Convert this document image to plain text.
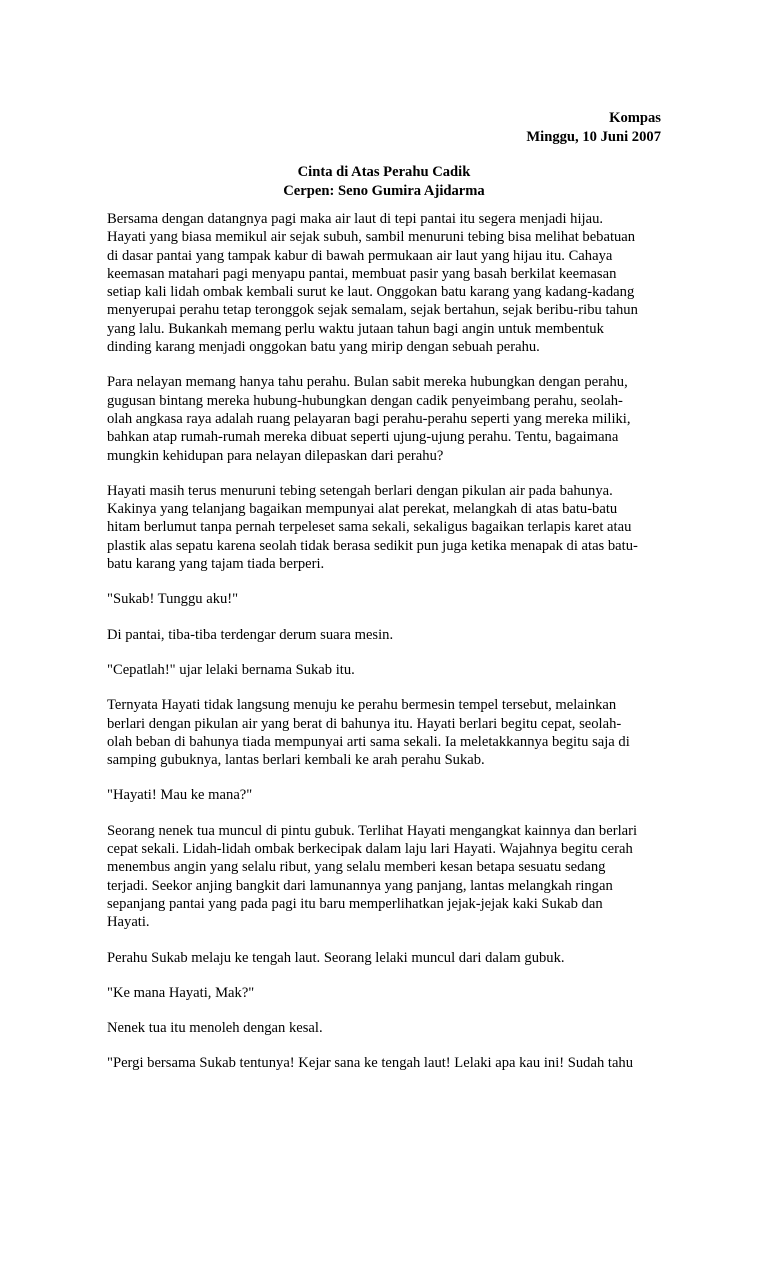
Kompas
Minggu, 10 Juni 2007
Cinta di Atas Perahu Cadik
Cerpen: Seno Gumira Ajidarma

Bersama dengan datangnya pagi maka air laut di tepi pantai itu segera menjadi hijau.
Hayati yang biasa memikul air sejak subuh, sambil menuruni tebing bisa melihat bebatuan
di dasar pantai yang tampak kabur di bawah permukaan air laut yang hijau itu. Cahaya
keemasan matahari pagi menyapu pantai, membuat pasir yang basah berkilat keemasan
setiap kali lidah ombak kembali surut ke laut. Onggokan batu karang yang kadang-kadang
menyerupai perahu tetap teronggok sejak semalam, sejak bertahun, sejak beribu-ribu tahun
yang lalu. Bukankah memang perlu waktu jutaan tahun bagi angin untuk membentuk
dinding karang menjadi onggokan batu yang mirip dengan sebuah perahu.

Para nelayan memang hanya tahu perahu. Bulan sabit mereka hubungkan dengan perahu,
gugusan bintang mereka hubung-hubungkan dengan cadik penyeimbang perahu, seolah-
olah angkasa raya adalah ruang pelayaran bagi perahu-perahu seperti yang mereka miliki,
bahkan atap rumah-rumah mereka dibuat seperti ujung-ujung perahu. Tentu, bagaimana
mungkin kehidupan para nelayan dilepaskan dari perahu?

Hayati masih terus menuruni tebing setengah berlari dengan pikulan air pada bahunya.
Kakinya yang telanjang bagaikan mempunyai alat perekat, melangkah di atas batu-batu
hitam berlumut tanpa pernah terpeleset sama sekali, sekaligus bagaikan terlapis karet atau
plastik alas sepatu karena seolah tidak berasa sedikit pun juga ketika menapak di atas batu-
batu karang yang tajam tiada berperi.

"Sukab! Tunggu aku!"

Di pantai, tiba-tiba terdengar derum suara mesin.

"Cepatlah!" ujar lelaki bernama Sukab itu.

Ternyata Hayati tidak langsung menuju ke perahu bermesin tempel tersebut, melainkan
berlari dengan pikulan air yang berat di bahunya itu. Hayati berlari begitu cepat, seolah-
olah beban di bahunya tiada mempunyai arti sama sekali. Ia meletakkannya begitu saja di
samping gubuknya, lantas berlari kembali ke arah perahu Sukab.

"Hayati! Mau ke mana?"

Seorang nenek tua muncul di pintu gubuk. Terlihat Hayati mengangkat kainnya dan berlari
cepat sekali. Lidah-lidah ombak berkecipak dalam laju lari Hayati. Wajahnya begitu cerah
menembus angin yang selalu ribut, yang selalu memberi kesan betapa sesuatu sedang
terjadi. Seekor anjing bangkit dari lamunannya yang panjang, lantas melangkah ringan
sepanjang pantai yang pada pagi itu baru memperlihatkan jejak-jejak kaki Sukab dan
Hayati.

Perahu Sukab melaju ke tengah laut. Seorang lelaki muncul dari dalam gubuk.

"Ke mana Hayati, Mak?"

Nenek tua itu menoleh dengan kesal.

"Pergi bersama Sukab tentunya! Kejar sana ke tengah laut! Lelaki apa kau ini! Sudah tahu
